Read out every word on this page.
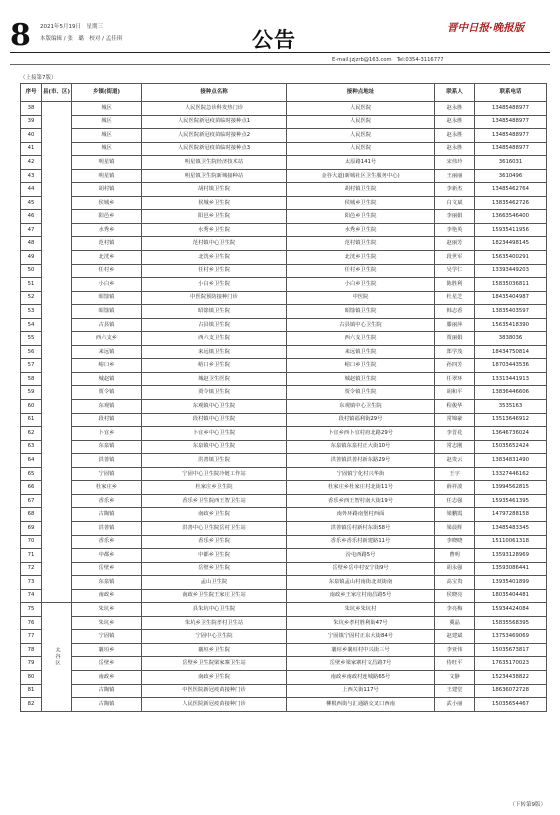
8 2021年5月19日　星期三
本版编辑 / 张　璐　校对 / 孟佳琪	公告	晋中日报·晚报版
E-mail:jzjzrb@163.com　Tel:0354-3116777
（上接第7版）
序号	县(市、区)	乡镇(街道)	接种点名称	接种点地址	联系人	联系电话
38		城区	人民医院急诊科发热门诊	人民医院	赵永胜	13485488977
39		城区	人民医院新冠疫苗临时接种点1	人民医院	赵永胜	13485488977
40		城区	人民医院新冠疫苗临时接种点2	人民医院	赵永胜	13485488977
41		城区	人民医院新冠疫苗临时接种点3	人民医院	赵永胜	13485488977
42		明星镇	明星镇卫生院经济技术站	太原路141号	宋伟玲	3616031
43		明星镇	明星镇卫生院新城接种站	金谷大道(新城社区卫生服务中心)	王丽丽	3610496
44		胡村镇	胡村镇卫生院	胡村镇卫生院	李新杰	13485462764
45		侯城乡	侯城乡卫生院	侯城乡卫生院	白文斌	13835462726
46		阳邑乡	阳邑乡卫生院	阳邑乡卫生院	李丽娟	13663546400
47		水秀乡	水秀乡卫生院	水秀乡卫生院	李艳英	15935411956
48		范村镇	范村镇中心卫生院	范村镇卫生院	赵丽芳	18234498145
49		北洸乡	北洸乡卫生院	北洸乡卫生院	段世军	15635400291
50		任村乡	任村乡卫生院	任村乡卫生院	吴学仁	13393449203
51		小白乡	小白乡卫生院	小白乡卫生院	陈胜利	15835036811
52		昭馀镇	中医院预防接种门诊	中医院	杜星芝	18435404987
53		昭馀镇	昭馀镇卫生院	昭馀镇卫生院	韩志香	13835403597
54		古县镇	古县镇卫生院	古县镇中心卫生院	滕丽萍	15635418390
55		西六支乡	西六支卫生院	西六支卫生院	贾丽娟	3838036
56		来远镇	来远镇卫生院	来远镇卫生院	郑学茂	18434750814
57		峪口乡	峪口乡卫生院	峪口乡卫生院	孙四芳	18703443536
58		城赵镇	城赵卫生医院	城赵镇卫生院	任翠环	13313441913
59		贾令镇	贾令镇卫生院	贾令镇卫生院	胡和平	13836446606
60		东观镇	东观镇中心卫生院	东观镇中心卫生院	程俊华	3535163
61		段村镇	段村镇中心卫生院	段村镇福利街29号	常锦豪	13513646912
62		卜宜乡	卜宜乡中心卫生院	卜宜乡西卜宜村府北路29号	李晋花	13646736024
63		东泉镇	东泉镇中心卫生院	东泉镇东泉村正大街10号	常志刚	15035652424
64		洪善镇	洪善镇卫生院	洪善镇洪善村新东路29号	赵贵云	13834831490
65		宁固镇	宁固中心卫生院冷链工作站	宁固镇宁化村兴华街	王宇	13327446162
66		杜家庄乡	杜家庄乡卫生院	杜家庄乡杜家庄村北街11号	薛祥波	13994562815
67		香乐乡	香乐乡卫生院西王智卫生站	香乐乡西王智村南大街19号	任志强	15935461395
68		古陶镇	南政乡卫生院	南外环路南堡村西面	梁鹏霞	14797288158
69		洪善镇	洪善中心卫生院岳村卫生站	洪善镇岳村新村东街58号	梁晨辉	13485483345
70		香乐乡	香乐乡卫生院	香乐乡香乐村新建路11号	李晓晓	15110061318
71		中都乡	中都乡卫生院	汾屯西路5号	曹明	13593128969
72		岳壁乡	岳壁乡卫生院	岳壁乡岳中村安宁街9号	胡永强	13593086441
73		东泉镇	孟山卫生院	东泉镇孟山村南街北双街南	高宝贵	13935401899
74		南政乡	南政乡卫生院王家庄卫生站	南政乡王家庄村南昌路5号	侯晓亮	18035404481
75	太谷区	朱坑乡	县朱坑中心卫生院	朱坑乡朱坑村	李亮梅	15934424084
76		朱坑乡	朱坑乡卫生院孝村卫生站	朱坑乡孝村胜利街47号	冀晶	15835568395
77		宁固镇	宁固中心卫生院	宁固镇宁固村正东大街84号	赵建斌	13753469069
78		襄垣乡	襄垣乡卫生院	襄垣乡襄垣村中兴街三号	李亚伟	15035673817
79		岳壁乡	岳壁乡卫生院梁家寨卫生站	岳壁乡梁家寨村文昌路7号	侍旺平	17635170023
80		南政乡	南政乡卫生院	南政乡南政村连城路65号	文静	15234438822
81		古陶镇	中医医院新冠疫苗接种门诊	上西关街117号	王建堂	18636072728
82		古陶镇	人民医院新冠疫苗接种门诊	柳根西街与汇通路交叉口西南	武小丽	15035654467
（下转第9版）
